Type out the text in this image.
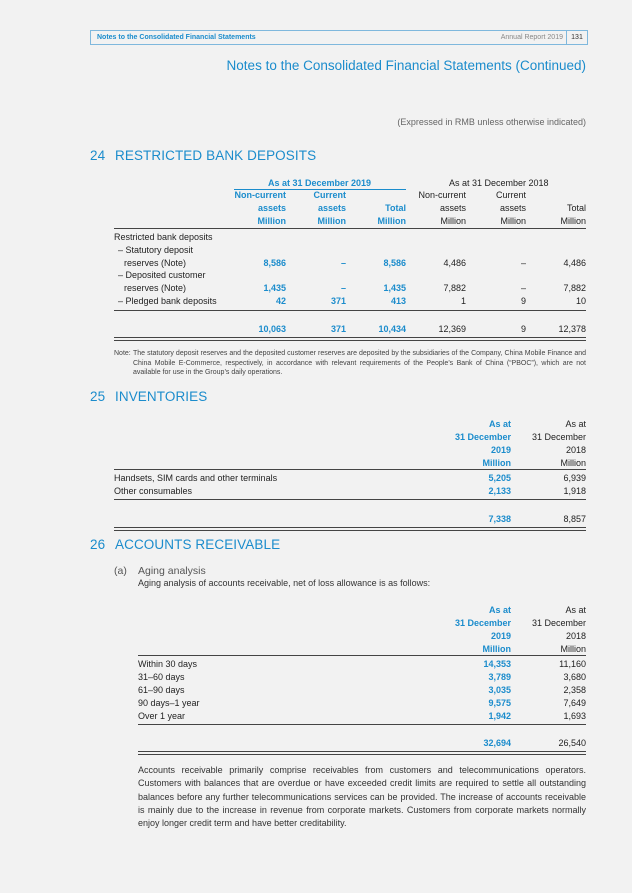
Notes to the Consolidated Financial Statements	Annual Report 2019	131
Notes to the Consolidated Financial Statements (Continued)
(Expressed in RMB unless otherwise indicated)
24 RESTRICTED BANK DEPOSITS
As at 31 December 2019	As at 31 December 2018
Non-current	Current	Non-current	Current
assets	assets	Total	assets	assets	Total
Million	Million	Million	Million	Million	Million
Restricted bank deposits
– Statutory deposit
reserves (Note)	8,586	–	8,586	4,486	–	4,486
– Deposited customer
reserves (Note)	1,435	–	1,435	7,882	–	7,882
– Pledged bank deposits	42	371	413	1	9	10
10,063	371	10,434	12,369	9	12,378
Note: The statutory deposit reserves and the deposited customer reserves are deposited by the subsidiaries of the Company, China Mobile Finance and China Mobile E-Commerce, respectively, in accordance with relevant requirements of the People’s Bank of China (“PBOC”), which are not available for use in the Group’s daily operations.
25 INVENTORIES
As at	As at
31 December 31 December
2019	2018
Million	Million
Handsets, SIM cards and other terminals	5,205	6,939
Other consumables	2,133	1,918
7,338	8,857
26 ACCOUNTS RECEIVABLE
(a) Aging analysis
Aging analysis of accounts receivable, net of loss allowance is as follows:
As at	As at
31 December 31 December
2019	2018
Million	Million
Within 30 days	14,353	11,160
31–60 days	3,789	3,680
61–90 days	3,035	2,358
90 days–1 year	9,575	7,649
Over 1 year	1,942	1,693
32,694	26,540
Accounts receivable primarily comprise receivables from customers and telecommunications operators. Customers with balances that are overdue or have exceeded credit limits are required to settle all outstanding balances before any further telecommunications services can be provided. The increase of accounts receivable is mainly due to the increase in revenue from corporate markets. Customers from corporate markets normally enjoy longer credit term and have better creditability.
